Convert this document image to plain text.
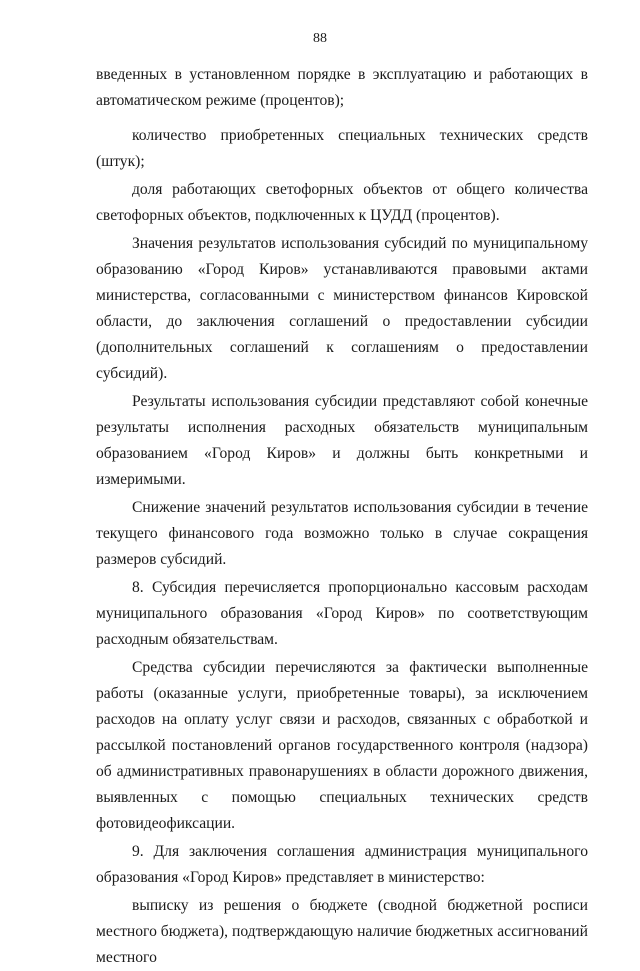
88

введенных в установленном порядке в эксплуатацию и работающих в автоматическом режиме (процентов);

количество приобретенных специальных технических средств (штук);

доля работающих светофорных объектов от общего количества светофорных объектов, подключенных к ЦУДД (процентов).

Значения результатов использования субсидий по муниципальному образованию «Город Киров» устанавливаются правовыми актами министерства, согласованными с министерством финансов Кировской области, до заключения соглашений о предоставлении субсидии (дополнительных соглашений к соглашениям о предоставлении субсидий).

Результаты использования субсидии представляют собой конечные результаты исполнения расходных обязательств муниципальным образованием «Город Киров» и должны быть конкретными и измеримыми.

Снижение значений результатов использования субсидии в течение текущего финансового года возможно только в случае сокращения размеров субсидий.

8. Субсидия перечисляется пропорционально кассовым расходам муниципального образования «Город Киров» по соответствующим расходным обязательствам.

Средства субсидии перечисляются за фактически выполненные работы (оказанные услуги, приобретенные товары), за исключением расходов на оплату услуг связи и расходов, связанных с обработкой и рассылкой постановлений органов государственного контроля (надзора) об административных правонарушениях в области дорожного движения, выявленных с помощью специальных технических средств фотовидеофиксации.

9. Для заключения соглашения администрация муниципального образования «Город Киров» представляет в министерство:

выписку из решения о бюджете (сводной бюджетной росписи местного бюджета), подтверждающую наличие бюджетных ассигнований местного
